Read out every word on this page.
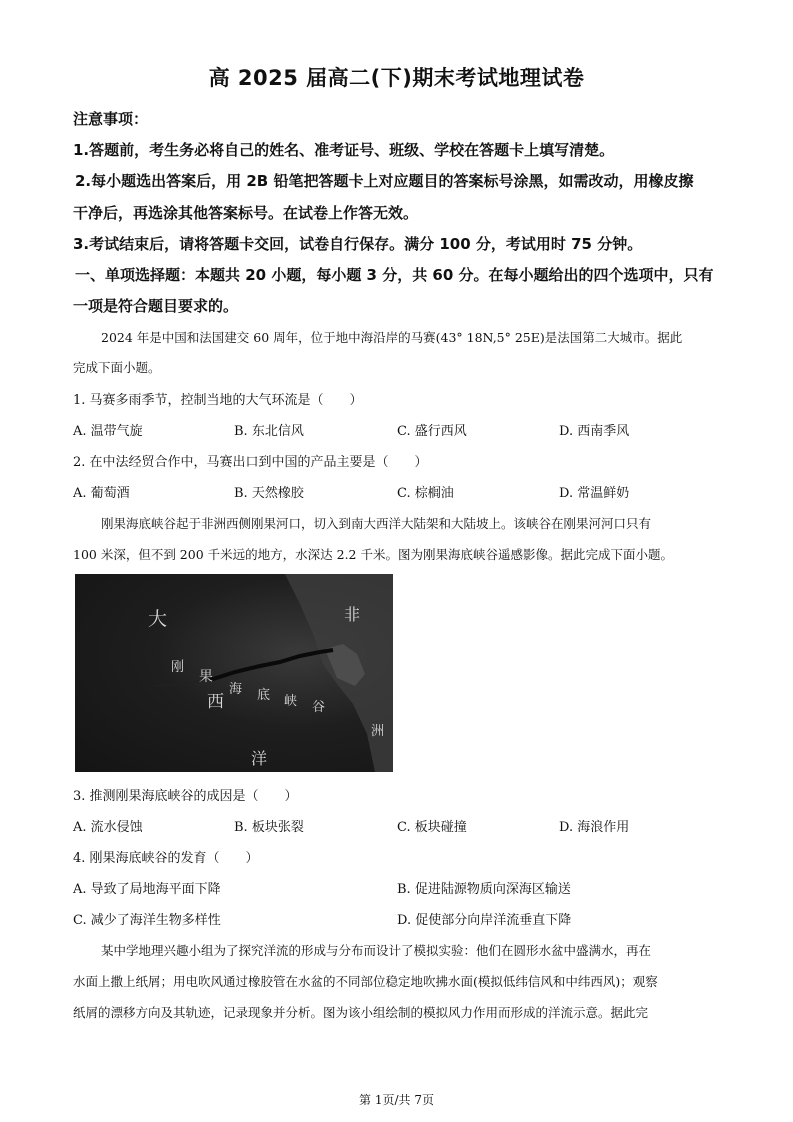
高 2025 届高二(下)期末考试地理试卷
注意事项：
1.答题前，考生务必将自己的姓名、准考证号、班级、学校在答题卡上填写清楚。
2.每小题选出答案后，用 2B 铅笔把答题卡上对应题目的答案标号涂黑，如需改动，用橡皮擦
干净后，再选涂其他答案标号。在试卷上作答无效。
3.考试结束后，请将答题卡交回，试卷自行保存。满分 100 分，考试用时 75 分钟。
一、单项选择题：本题共 20 小题，每小题 3 分，共 60 分。在每小题给出的四个选项中，只有
一项是符合题目要求的。
2024 年是中国和法国建交 60 周年，位于地中海沿岸的马赛(43° 18N,5° 25E)是法国第二大城市。据此
完成下面小题。
1. 马赛多雨季节，控制当地的大气环流是（　　）
A. 温带气旋	B. 东北信风	C. 盛行西风	D. 西南季风
2. 在中法经贸合作中，马赛出口到中国的产品主要是（　　）
A. 葡萄酒	B. 天然橡胶	C. 棕榈油	D. 常温鲜奶
刚果海底峡谷起于非洲西侧刚果河口，切入到南大西洋大陆架和大陆坡上。该峡谷在刚果河河口只有
100 米深，但不到 200 千米远的地方，水深达 2.2 千米。图为刚果海底峡谷遥感影像。据此完成下面小题。
大	非
刚
果
西
海 底 峡 谷
洲
洋
3. 推测刚果海底峡谷的成因是（　　）
A. 流水侵蚀	B. 板块张裂	C. 板块碰撞	D. 海浪作用
4. 刚果海底峡谷的发育（　　）
A. 导致了局地海平面下降	B. 促进陆源物质向深海区输送
C. 减少了海洋生物多样性	D. 促使部分向岸洋流垂直下降
某中学地理兴趣小组为了探究洋流的形成与分布而设计了模拟实验：他们在圆形水盆中盛满水，再在
水面上撒上纸屑；用电吹风通过橡胶管在水盆的不同部位稳定地吹拂水面(模拟低纬信风和中纬西风)；观察
纸屑的漂移方向及其轨迹，记录现象并分析。图为该小组绘制的模拟风力作用而形成的洋流示意。据此完
第 1页/共 7页
